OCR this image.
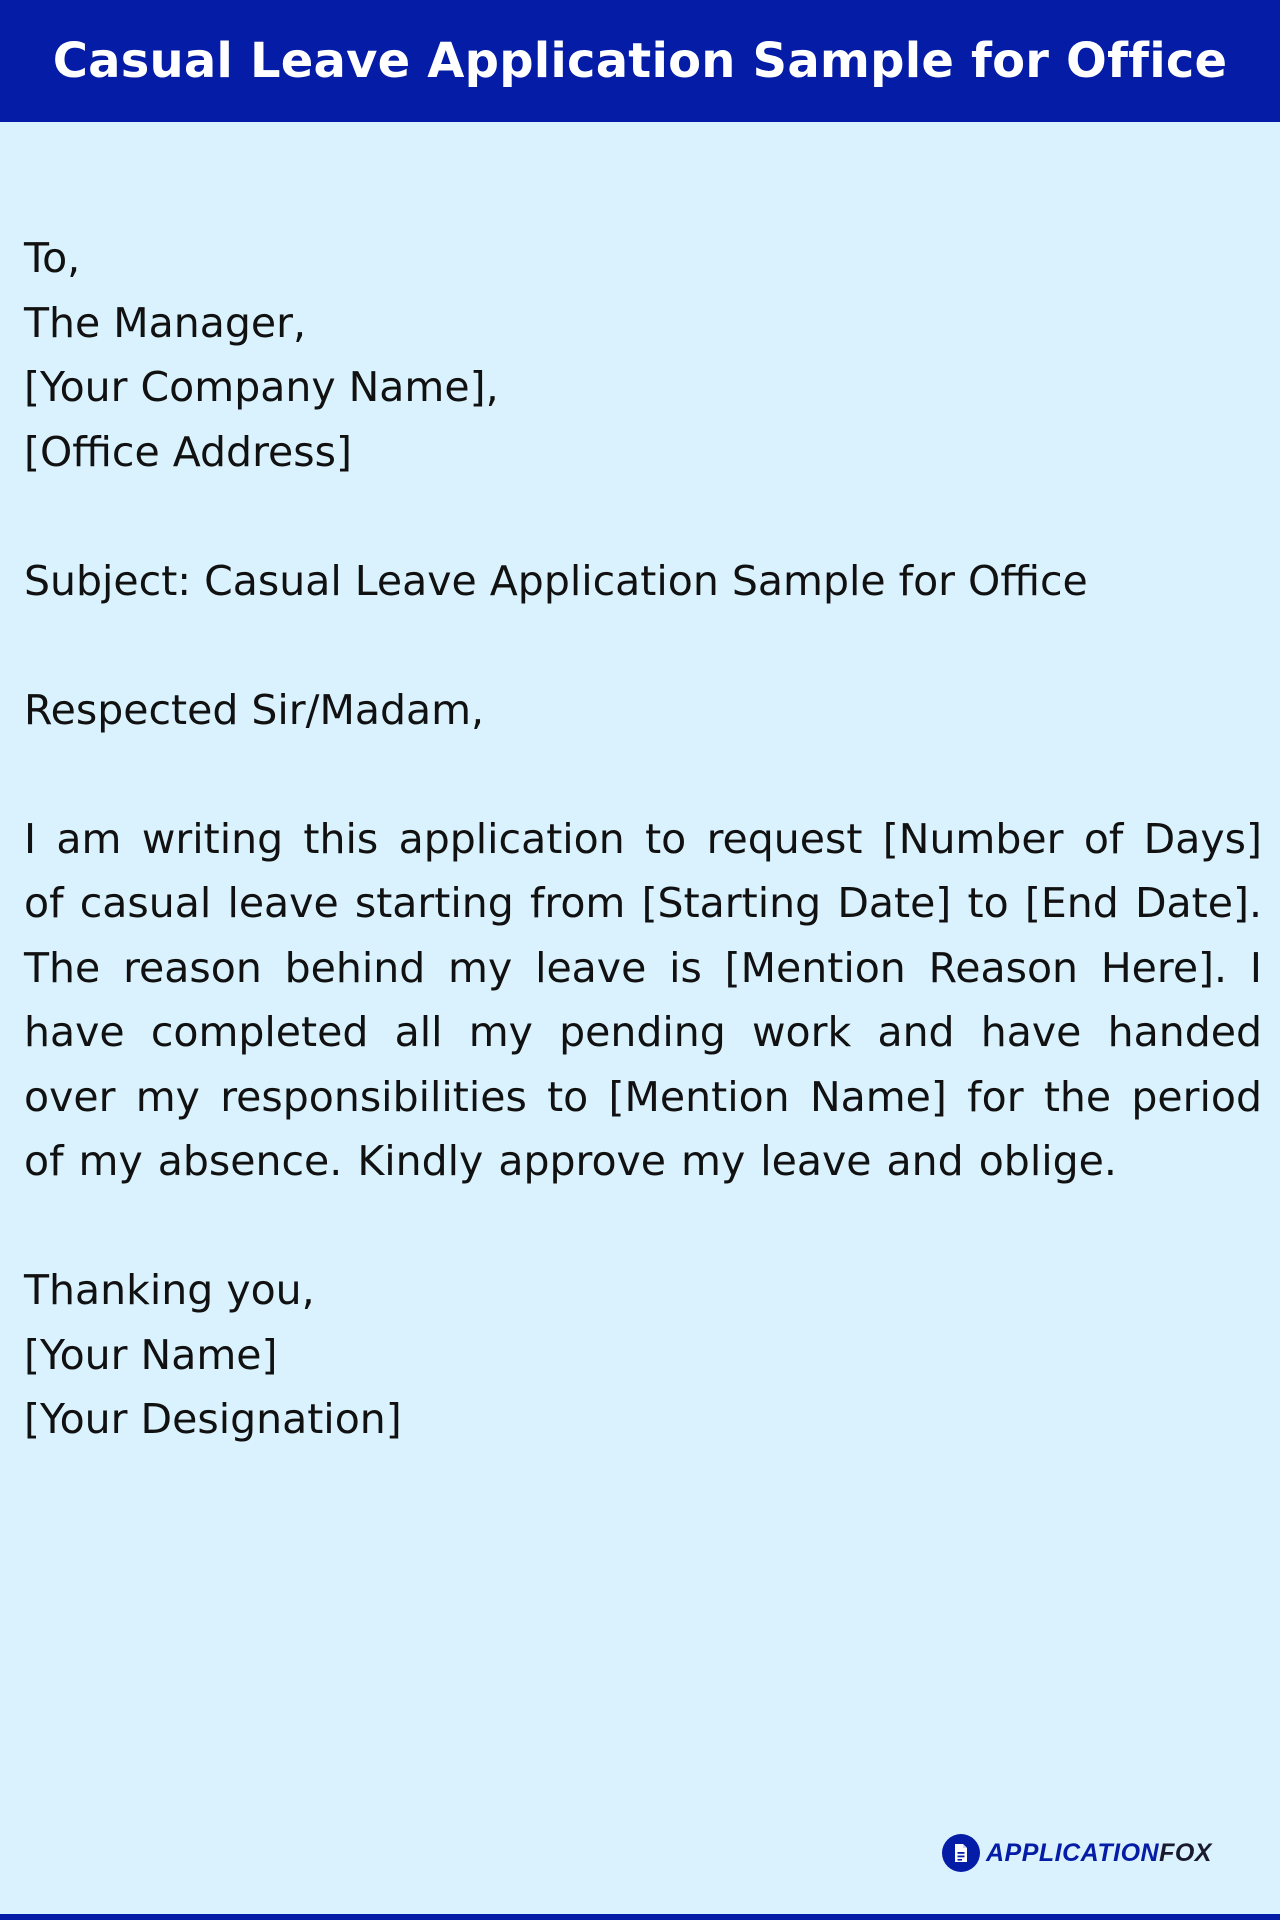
Casual Leave Application Sample for Office
To,
The Manager,
[Your Company Name],
[Office Address]
Subject: Casual Leave Application Sample for Office
Respected Sir/Madam,
I am writing this application to request [Number of Days] of casual leave starting from [Starting Date] to [End Date]. The reason behind my leave is [Mention Reason Here]. I have completed all my pending work and have handed over my responsibilities to [Mention Name] for the period of my absence. Kindly approve my leave and oblige.
Thanking you,
[Your Name]
[Your Designation]
APPLICATIONFOX
